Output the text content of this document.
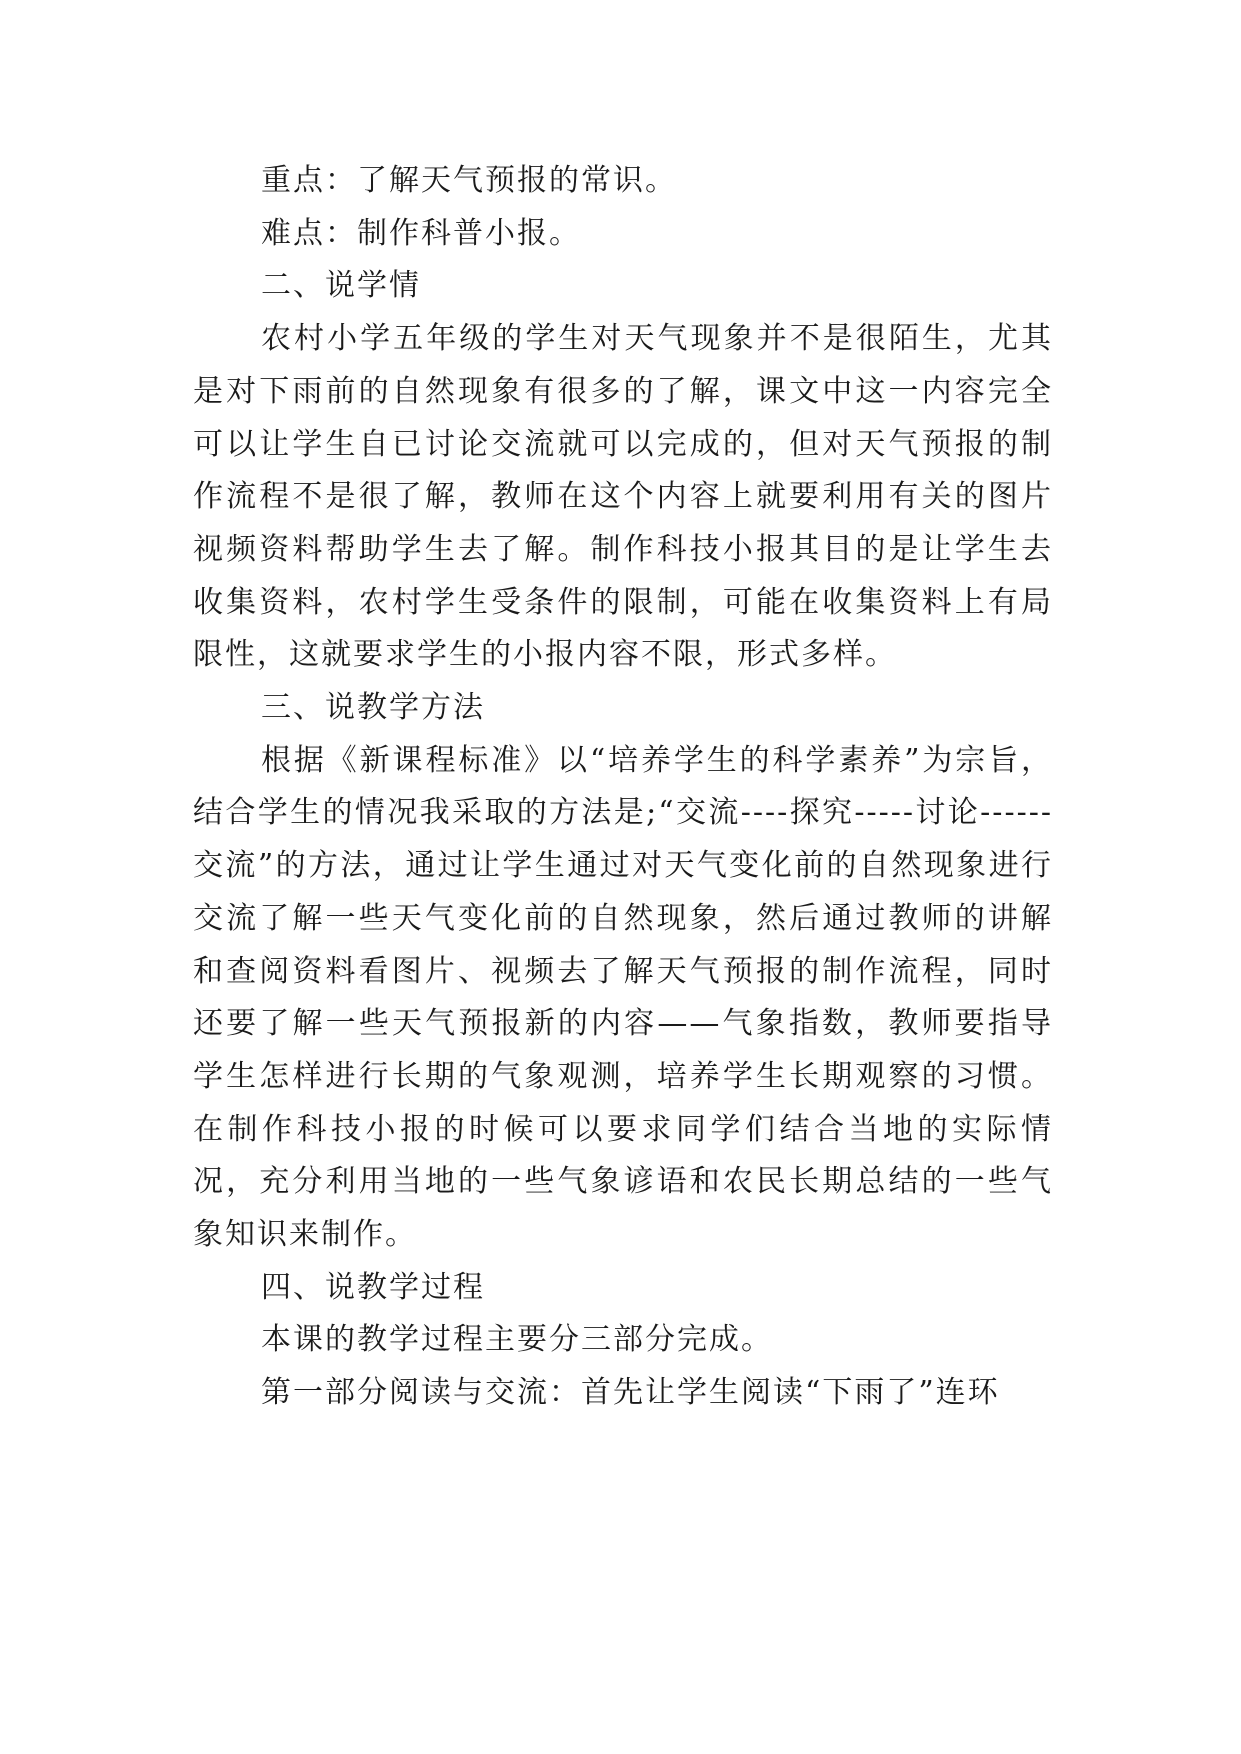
重点：了解天气预报的常识。

难点：制作科普小报。

二、说学情

农村小学五年级的学生对天气现象并不是很陌生，尤其是对下雨前的自然现象有很多的了解，课文中这一内容完全可以让学生自已讨论交流就可以完成的，但对天气预报的制作流程不是很了解，教师在这个内容上就要利用有关的图片视频资料帮助学生去了解。制作科技小报其目的是让学生去收集资料，农村学生受条件的限制，可能在收集资料上有局限性，这就要求学生的小报内容不限，形式多样。

三、说教学方法

根据《新课程标准》以“培养学生的科学素养”为宗旨，结合学生的情况我采取的方法是;“交流----探究-----讨论------交流”的方法，通过让学生通过对天气变化前的自然现象进行交流了解一些天气变化前的自然现象，然后通过教师的讲解和查阅资料看图片、视频去了解天气预报的制作流程，同时还要了解一些天气预报新的内容——气象指数，教师要指导学生怎样进行长期的气象观测，培养学生长期观察的习惯。在制作科技小报的时候可以要求同学们结合当地的实际情况，充分利用当地的一些气象谚语和农民长期总结的一些气象知识来制作。

四、说教学过程

本课的教学过程主要分三部分完成。

第一部分阅读与交流：首先让学生阅读“下雨了”连环
